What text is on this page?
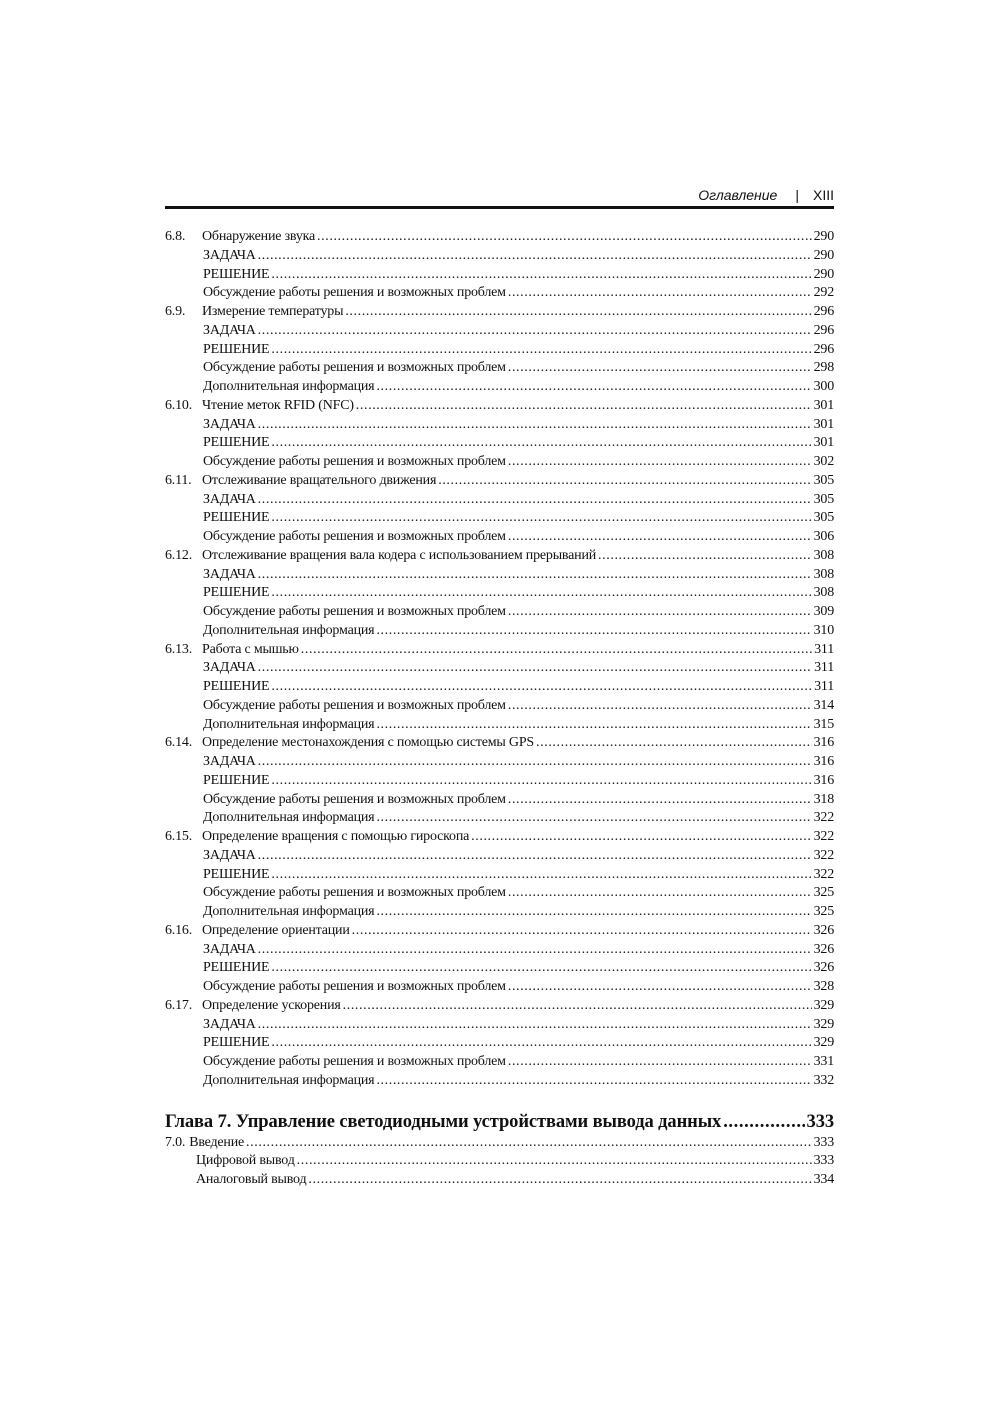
Оглавление | XIII
6.8.	Обнаружение звука .....	290
ЗАДАЧА .....	290
РЕШЕНИЕ .....	290
Обсуждение работы решения и возможных проблем .....	292
6.9.	Измерение температуры .....	296
ЗАДАЧА .....	296
РЕШЕНИЕ .....	296
Обсуждение работы решения и возможных проблем .....	298
Дополнительная информация .....	300
6.10. Чтение меток RFID (NFC) .....	301
ЗАДАЧА .....	301
РЕШЕНИЕ .....	301
Обсуждение работы решения и возможных проблем .....	302
6.11. Отслеживание вращательного движения .....	305
ЗАДАЧА .....	305
РЕШЕНИЕ .....	305
Обсуждение работы решения и возможных проблем .....	306
6.12. Отслеживание вращения вала кодера с использованием прерываний .....	308
ЗАДАЧА .....	308
РЕШЕНИЕ .....	308
Обсуждение работы решения и возможных проблем .....	309
Дополнительная информация .....	310
6.13. Работа с мышью .....	311
ЗАДАЧА .....	311
РЕШЕНИЕ .....	311
Обсуждение работы решения и возможных проблем .....	314
Дополнительная информация .....	315
6.14. Определение местонахождения с помощью системы GPS .....	316
ЗАДАЧА .....	316
РЕШЕНИЕ .....	316
Обсуждение работы решения и возможных проблем .....	318
Дополнительная информация .....	322
6.15. Определение вращения с помощью гироскопа .....	322
ЗАДАЧА .....	322
РЕШЕНИЕ .....	322
Обсуждение работы решения и возможных проблем .....	325
Дополнительная информация .....	325
6.16. Определение ориентации .....	326
ЗАДАЧА .....	326
РЕШЕНИЕ .....	326
Обсуждение работы решения и возможных проблем .....	328
6.17. Определение ускорения .....	329
ЗАДАЧА .....	329
РЕШЕНИЕ .....	329
Обсуждение работы решения и возможных проблем .....	331
Дополнительная информация .....	332
Глава 7. Управление светодиодными устройствами вывода данных .....	333
7.0. Введение .....	333
Цифровой вывод .....	333
Аналоговый вывод .....	334
